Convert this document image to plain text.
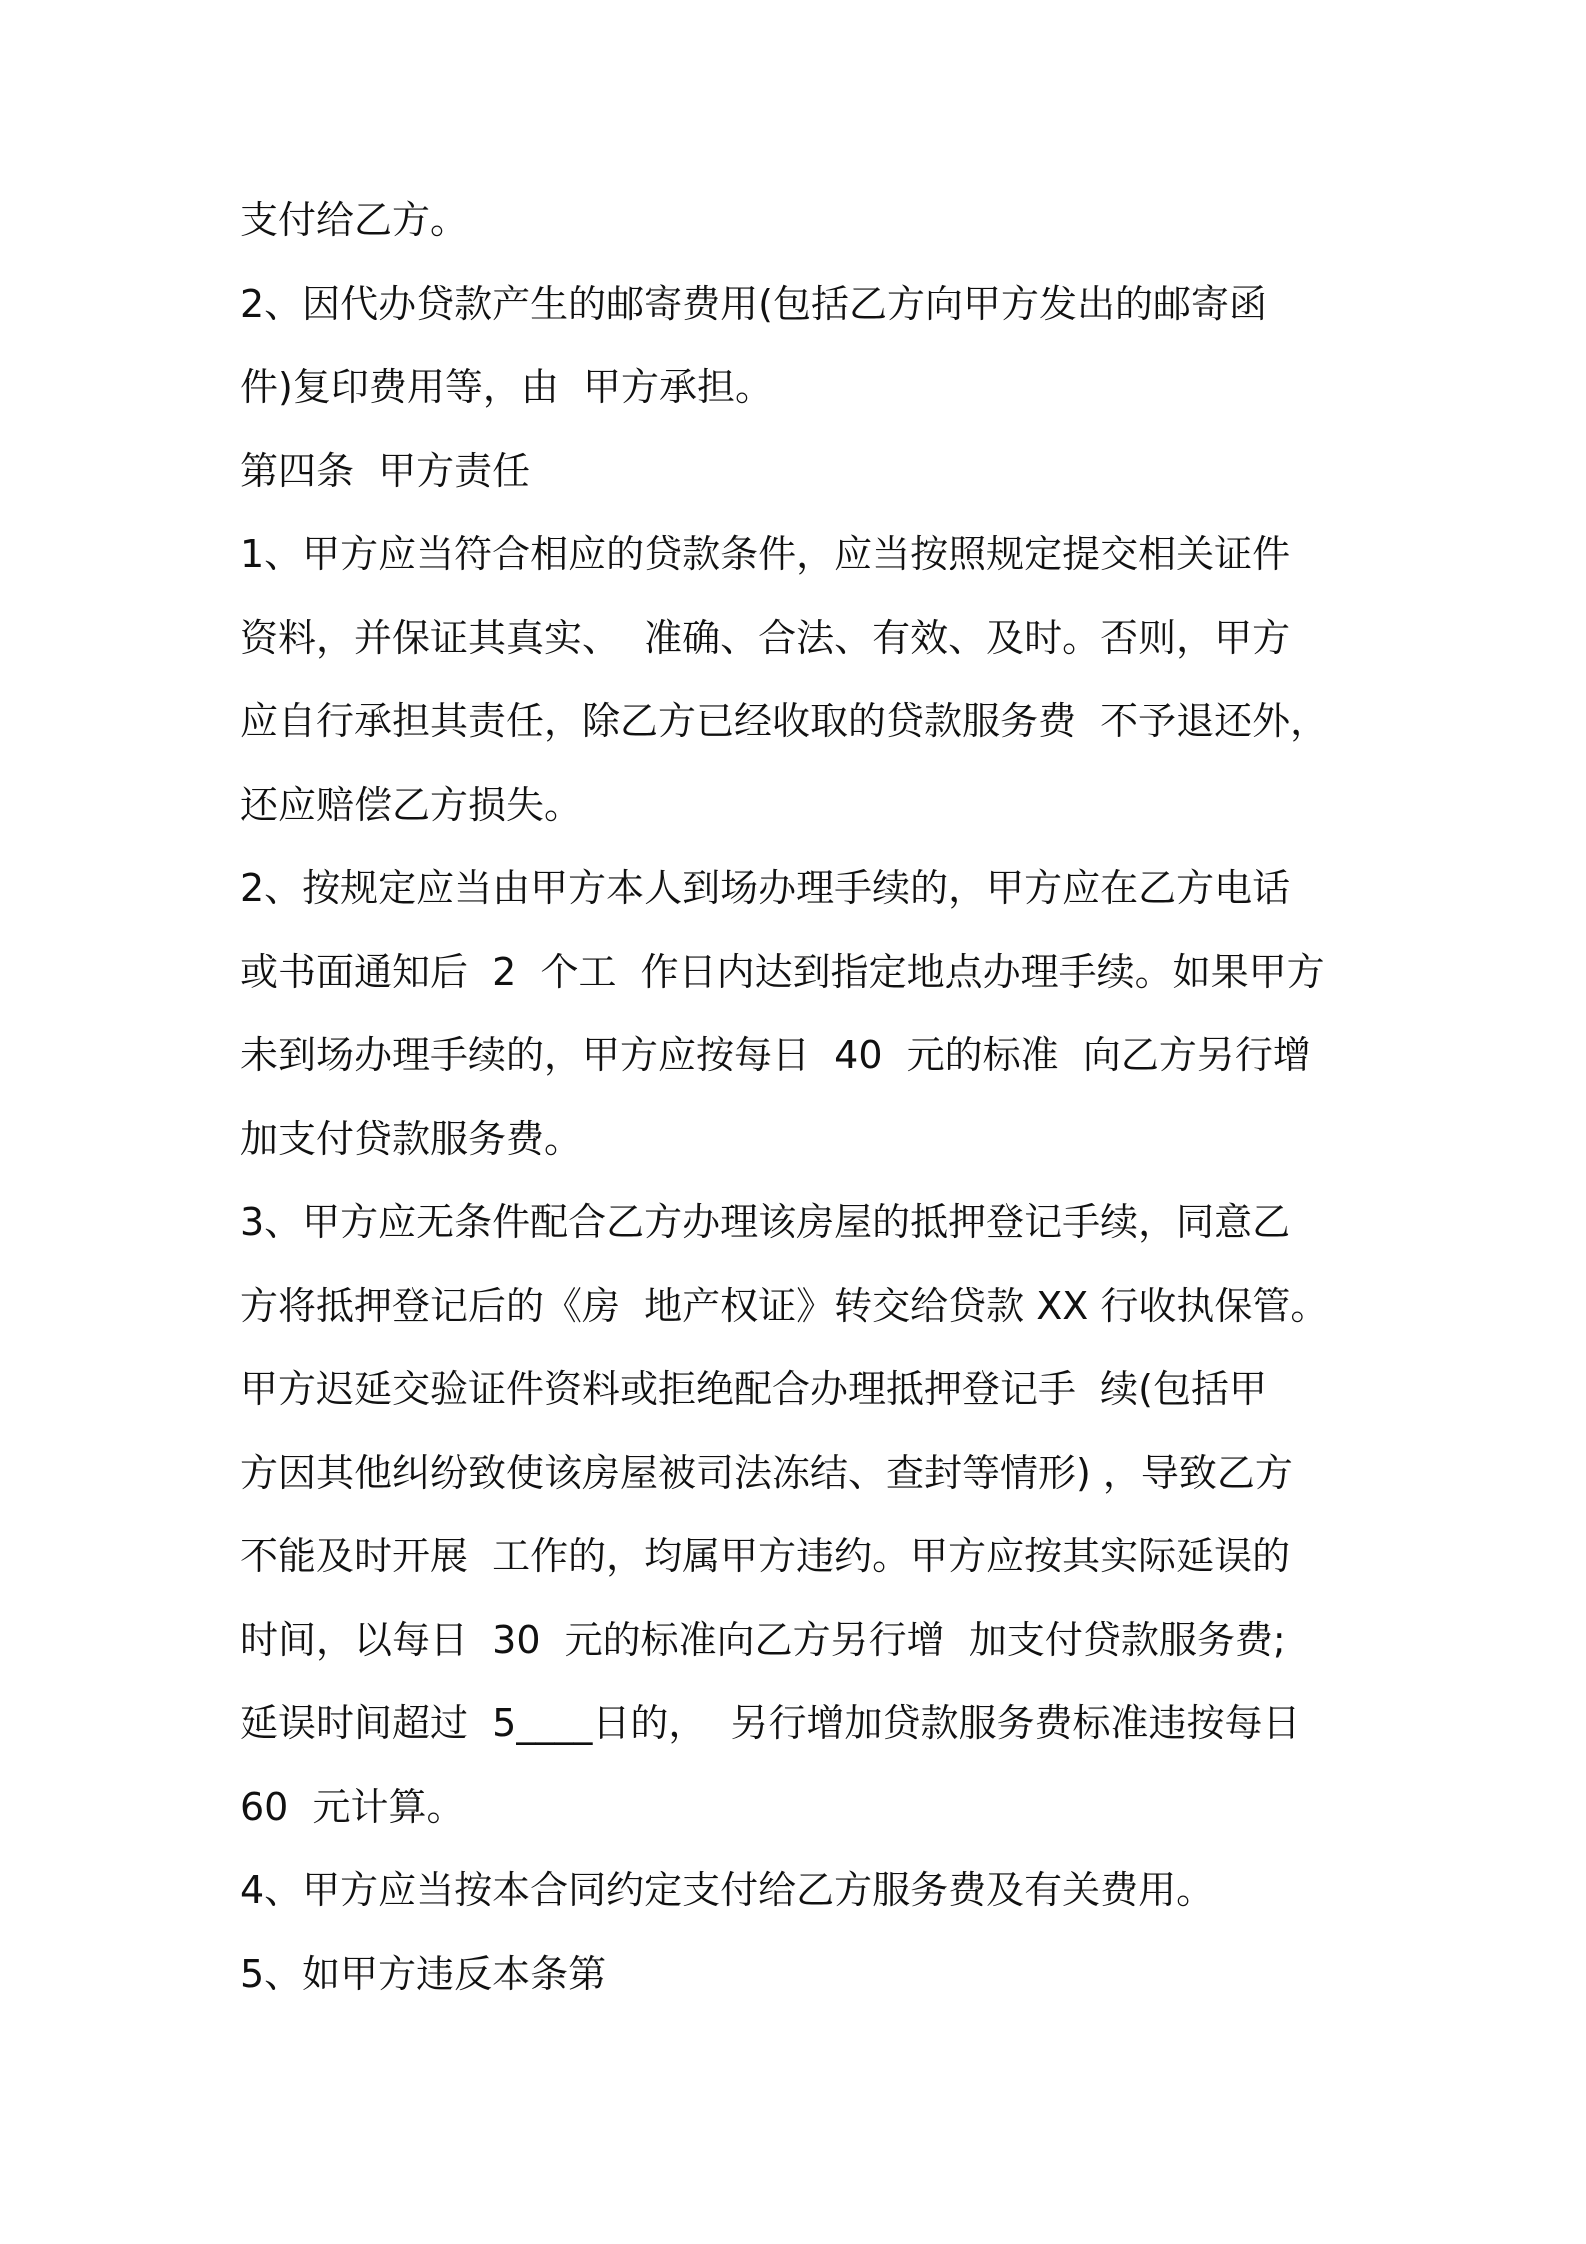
支付给乙方。
2、因代办贷款产生的邮寄费用(包括乙方向甲方发出的邮寄函
件)复印费用等，由  甲方承担。
第四条  甲方责任
1、甲方应当符合相应的贷款条件，应当按照规定提交相关证件
资料，并保证其真实、  准确、合法、有效、及时。否则，甲方
应自行承担其责任，除乙方已经收取的贷款服务费  不予退还外，
还应赔偿乙方损失。
2、按规定应当由甲方本人到场办理手续的，甲方应在乙方电话
或书面通知后  2  个工  作日内达到指定地点办理手续。如果甲方
未到场办理手续的，甲方应按每日  40  元的标准  向乙方另行增
加支付贷款服务费。
3、甲方应无条件配合乙方办理该房屋的抵押登记手续，同意乙
方将抵押登记后的《房  地产权证》转交给贷款 XX 行收执保管。
甲方迟延交验证件资料或拒绝配合办理抵押登记手  续(包括甲
方因其他纠纷致使该房屋被司法冻结、查封等情形) ，导致乙方
不能及时开展  工作的，均属甲方违约。甲方应按其实际延误的
时间，以每日  30  元的标准向乙方另行增  加支付贷款服务费;
延误时间超过  5____日的，  另行增加贷款服务费标准违按每日
60  元计算。
4、甲方应当按本合同约定支付给乙方服务费及有关费用。
5、如甲方违反本条第
